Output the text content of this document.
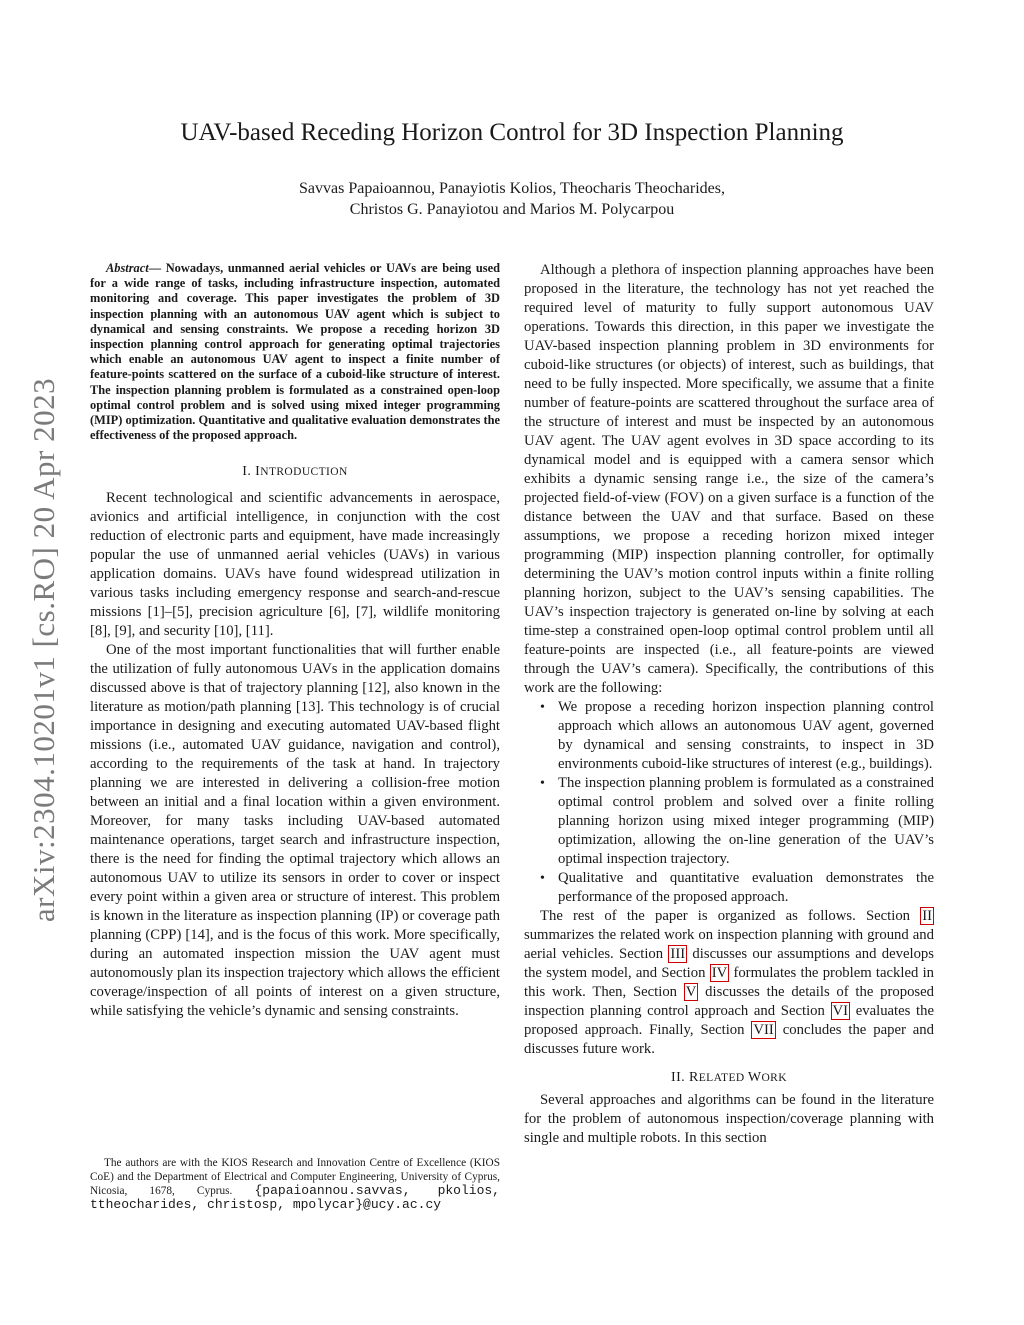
UAV-based Receding Horizon Control for 3D Inspection Planning
Savvas Papaioannou, Panayiotis Kolios, Theocharis Theocharides,
Christos G. Panayiotou and Marios M. Polycarpou
arXiv:2304.10201v1 [cs.RO] 20 Apr 2023
Abstract— Nowadays, unmanned aerial vehicles or UAVs are being used for a wide range of tasks, including infrastructure inspection, automated monitoring and coverage. This paper investigates the problem of 3D inspection planning with an autonomous UAV agent which is subject to dynamical and sensing constraints. We propose a receding horizon 3D inspection planning control approach for generating optimal trajectories which enable an autonomous UAV agent to inspect a finite number of feature-points scattered on the surface of a cuboid-like structure of interest. The inspection planning problem is formulated as a constrained open-loop optimal control problem and is solved using mixed integer programming (MIP) optimization. Quantitative and qualitative evaluation demonstrates the effectiveness of the proposed approach.
I. INTRODUCTION

Recent technological and scientific advancements in aerospace, avionics and artificial intelligence, in conjunction with the cost reduction of electronic parts and equipment, have made increasingly popular the use of unmanned aerial vehicles (UAVs) in various application domains. UAVs have found widespread utilization in various tasks including emergency response and search-and-rescue missions [1]–[5], precision agriculture [6], [7], wildlife monitoring [8], [9], and security [10], [11].

One of the most important functionalities that will further enable the utilization of fully autonomous UAVs in the application domains discussed above is that of trajectory planning [12], also known in the literature as motion/path planning [13]. This technology is of crucial importance in designing and executing automated UAV-based flight missions (i.e., automated UAV guidance, navigation and control), according to the requirements of the task at hand. In trajectory planning we are interested in delivering a collision-free motion between an initial and a final location within a given environment. Moreover, for many tasks including UAV-based automated maintenance operations, target search and infrastructure inspection, there is the need for finding the optimal trajectory which allows an autonomous UAV to utilize its sensors in order to cover or inspect every point within a given area or structure of interest. This problem is known in the literature as inspection planning (IP) or coverage path planning (CPP) [14], and is the focus of this work. More specifically, during an automated inspection mission the UAV agent must autonomously plan its inspection trajectory which allows the efficient coverage/inspection of all points of interest on a given structure, while satisfying the vehicle’s dynamic and sensing constraints.

Although a plethora of inspection planning approaches have been proposed in the literature, the technology has not yet reached the required level of maturity to fully support autonomous UAV operations. Towards this direction, in this paper we investigate the UAV-based inspection planning problem in 3D environments for cuboid-like structures (or objects) of interest, such as buildings, that need to be fully inspected. More specifically, we assume that a finite number of feature-points are scattered throughout the surface area of the structure of interest and must be inspected by an autonomous UAV agent. The UAV agent evolves in 3D space according to its dynamical model and is equipped with a camera sensor which exhibits a dynamic sensing range i.e., the size of the camera’s projected field-of-view (FOV) on a given surface is a function of the distance between the UAV and that surface. Based on these assumptions, we propose a receding horizon mixed integer programming (MIP) inspection planning controller, for optimally determining the UAV’s motion control inputs within a finite rolling planning horizon, subject to the UAV’s sensing capabilities. The UAV’s inspection trajectory is generated on-line by solving at each time-step a constrained open-loop optimal control problem until all feature-points are inspected (i.e., all feature-points are viewed through the UAV’s camera). Specifically, the contributions of this work are the following:

• We propose a receding horizon inspection planning control approach which allows an autonomous UAV agent, governed by dynamical and sensing constraints, to inspect in 3D environments cuboid-like structures of interest (e.g., buildings).
• The inspection planning problem is formulated as a constrained optimal control problem and solved over a finite rolling planning horizon using mixed integer programming (MIP) optimization, allowing the on-line generation of the UAV’s optimal inspection trajectory.
• Qualitative and quantitative evaluation demonstrates the performance of the proposed approach.

The rest of the paper is organized as follows. Section II summarizes the related work on inspection planning with ground and aerial vehicles. Section III discusses our assumptions and develops the system model, and Section IV formulates the problem tackled in this work. Then, Section V discusses the details of the proposed inspection planning control approach and Section VI evaluates the proposed approach. Finally, Section VII concludes the paper and discusses future work.

II. RELATED WORK

Several approaches and algorithms can be found in the literature for the problem of autonomous inspection/coverage planning with single and multiple robots. In this section

The authors are with the KIOS Research and Innovation Centre of Excellence (KIOS CoE) and the Department of Electrical and Computer Engineering, University of Cyprus, Nicosia, 1678, Cyprus. {papaioannou.savvas, pkolios, ttheocharides, christosp, mpolycar}@ucy.ac.cy
